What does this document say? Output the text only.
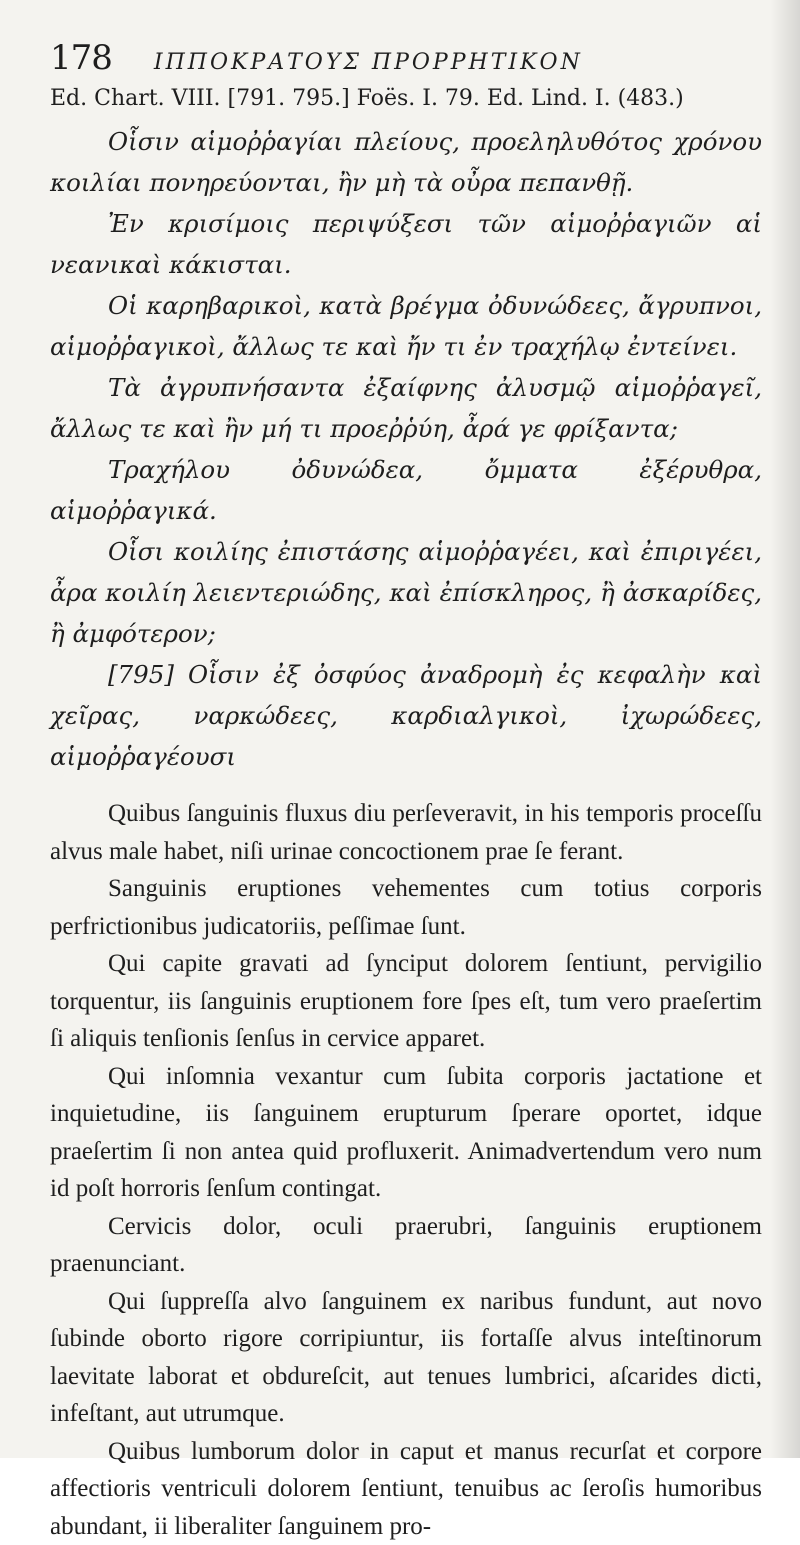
178 ΙΠΠΟΚΡΑΤΟΥΣ ΠΡΟΡΡΗΤΙΚΟΝ
Ed. Chart. VIII. [791. 795.] Foës. I. 79. Ed. Lind. I. (483.)

Οἷσιν αἱμοῤῥαγίαι πλείους, προεληλυθότος χρόνου κοιλίαι πονηρεύονται, ἢν μὴ τὰ οὖρα πεπανθῇ.

Ἐν κρισίμοις περιψύξεσι τῶν αἱμοῤῥαγιῶν αἱ νεανικαὶ κάκισται.

Οἱ καρηβαρικοὶ, κατὰ βρέγμα ὀδυνώδεες, ἄγρυπνοι, αἱμοῤῥαγικοὶ, ἄλλως τε καὶ ἤν τι ἐν τραχήλῳ ἐντείνει.

Τὰ ἀγρυπνήσαντα ἐξαίφνης ἀλυσμῷ αἱμοῤῥαγεῖ, ἄλλως τε καὶ ἢν μή τι προεῤῥύη, ἆρά γε φρίξαντα;

Τραχήλου ὀδυνώδεα, ὄμματα ἐξέρυθρα, αἱμοῤῥαγικά.

Οἷσι κοιλίης ἐπιστάσης αἱμοῤῥαγέει, καὶ ἐπιριγέει, ἆρα κοιλίη λειεντεριώδης, καὶ ἐπίσκληρος, ἢ ἀσκαρίδες, ἢ ἀμφότερον;

[795] Οἷσιν ἐξ ὀσφύος ἀναδρομὴ ἐς κεφαλὴν καὶ χεῖρας, ναρκώδεες, καρδιαλγικοὶ, ἰχωρώδεες, αἱμοῤῥαγέουσι

Quibus ſanguinis fluxus diu perſeveravit, in his temporis proceſſu alvus male habet, niſi urinae concoctionem prae ſe ferant.

Sanguinis eruptiones vehementes cum totius corporis perfrictionibus judicatoriis, peſſimae ſunt.

Qui capite gravati ad ſynciput dolorem ſentiunt, pervigilio torquentur, iis ſanguinis eruptionem fore ſpes eſt, tum vero praeſertim ſi aliquis tenſionis ſenſus in cervice apparet.

Qui inſomnia vexantur cum ſubita corporis jactatione et inquietudine, iis ſanguinem erupturum ſperare oportet, idque praeſertim ſi non antea quid profluxerit. Animadvertendum vero num id poſt horroris ſenſum contingat.

Cervicis dolor, oculi praerubri, ſanguinis eruptionem praenunciant.

Qui ſuppreſſa alvo ſanguinem ex naribus fundunt, aut novo ſubinde oborto rigore corripiuntur, iis fortaſſe alvus inteſtinorum laevitate laborat et obdureſcit, aut tenues lumbrici, aſcarides dicti, infeſtant, aut utrumque.

Quibus lumborum dolor in caput et manus recurſat et corpore affectioris ventriculi dolorem ſentiunt, tenuibus ac ſeroſis humoribus abundant, ii liberaliter ſanguinem pro-
